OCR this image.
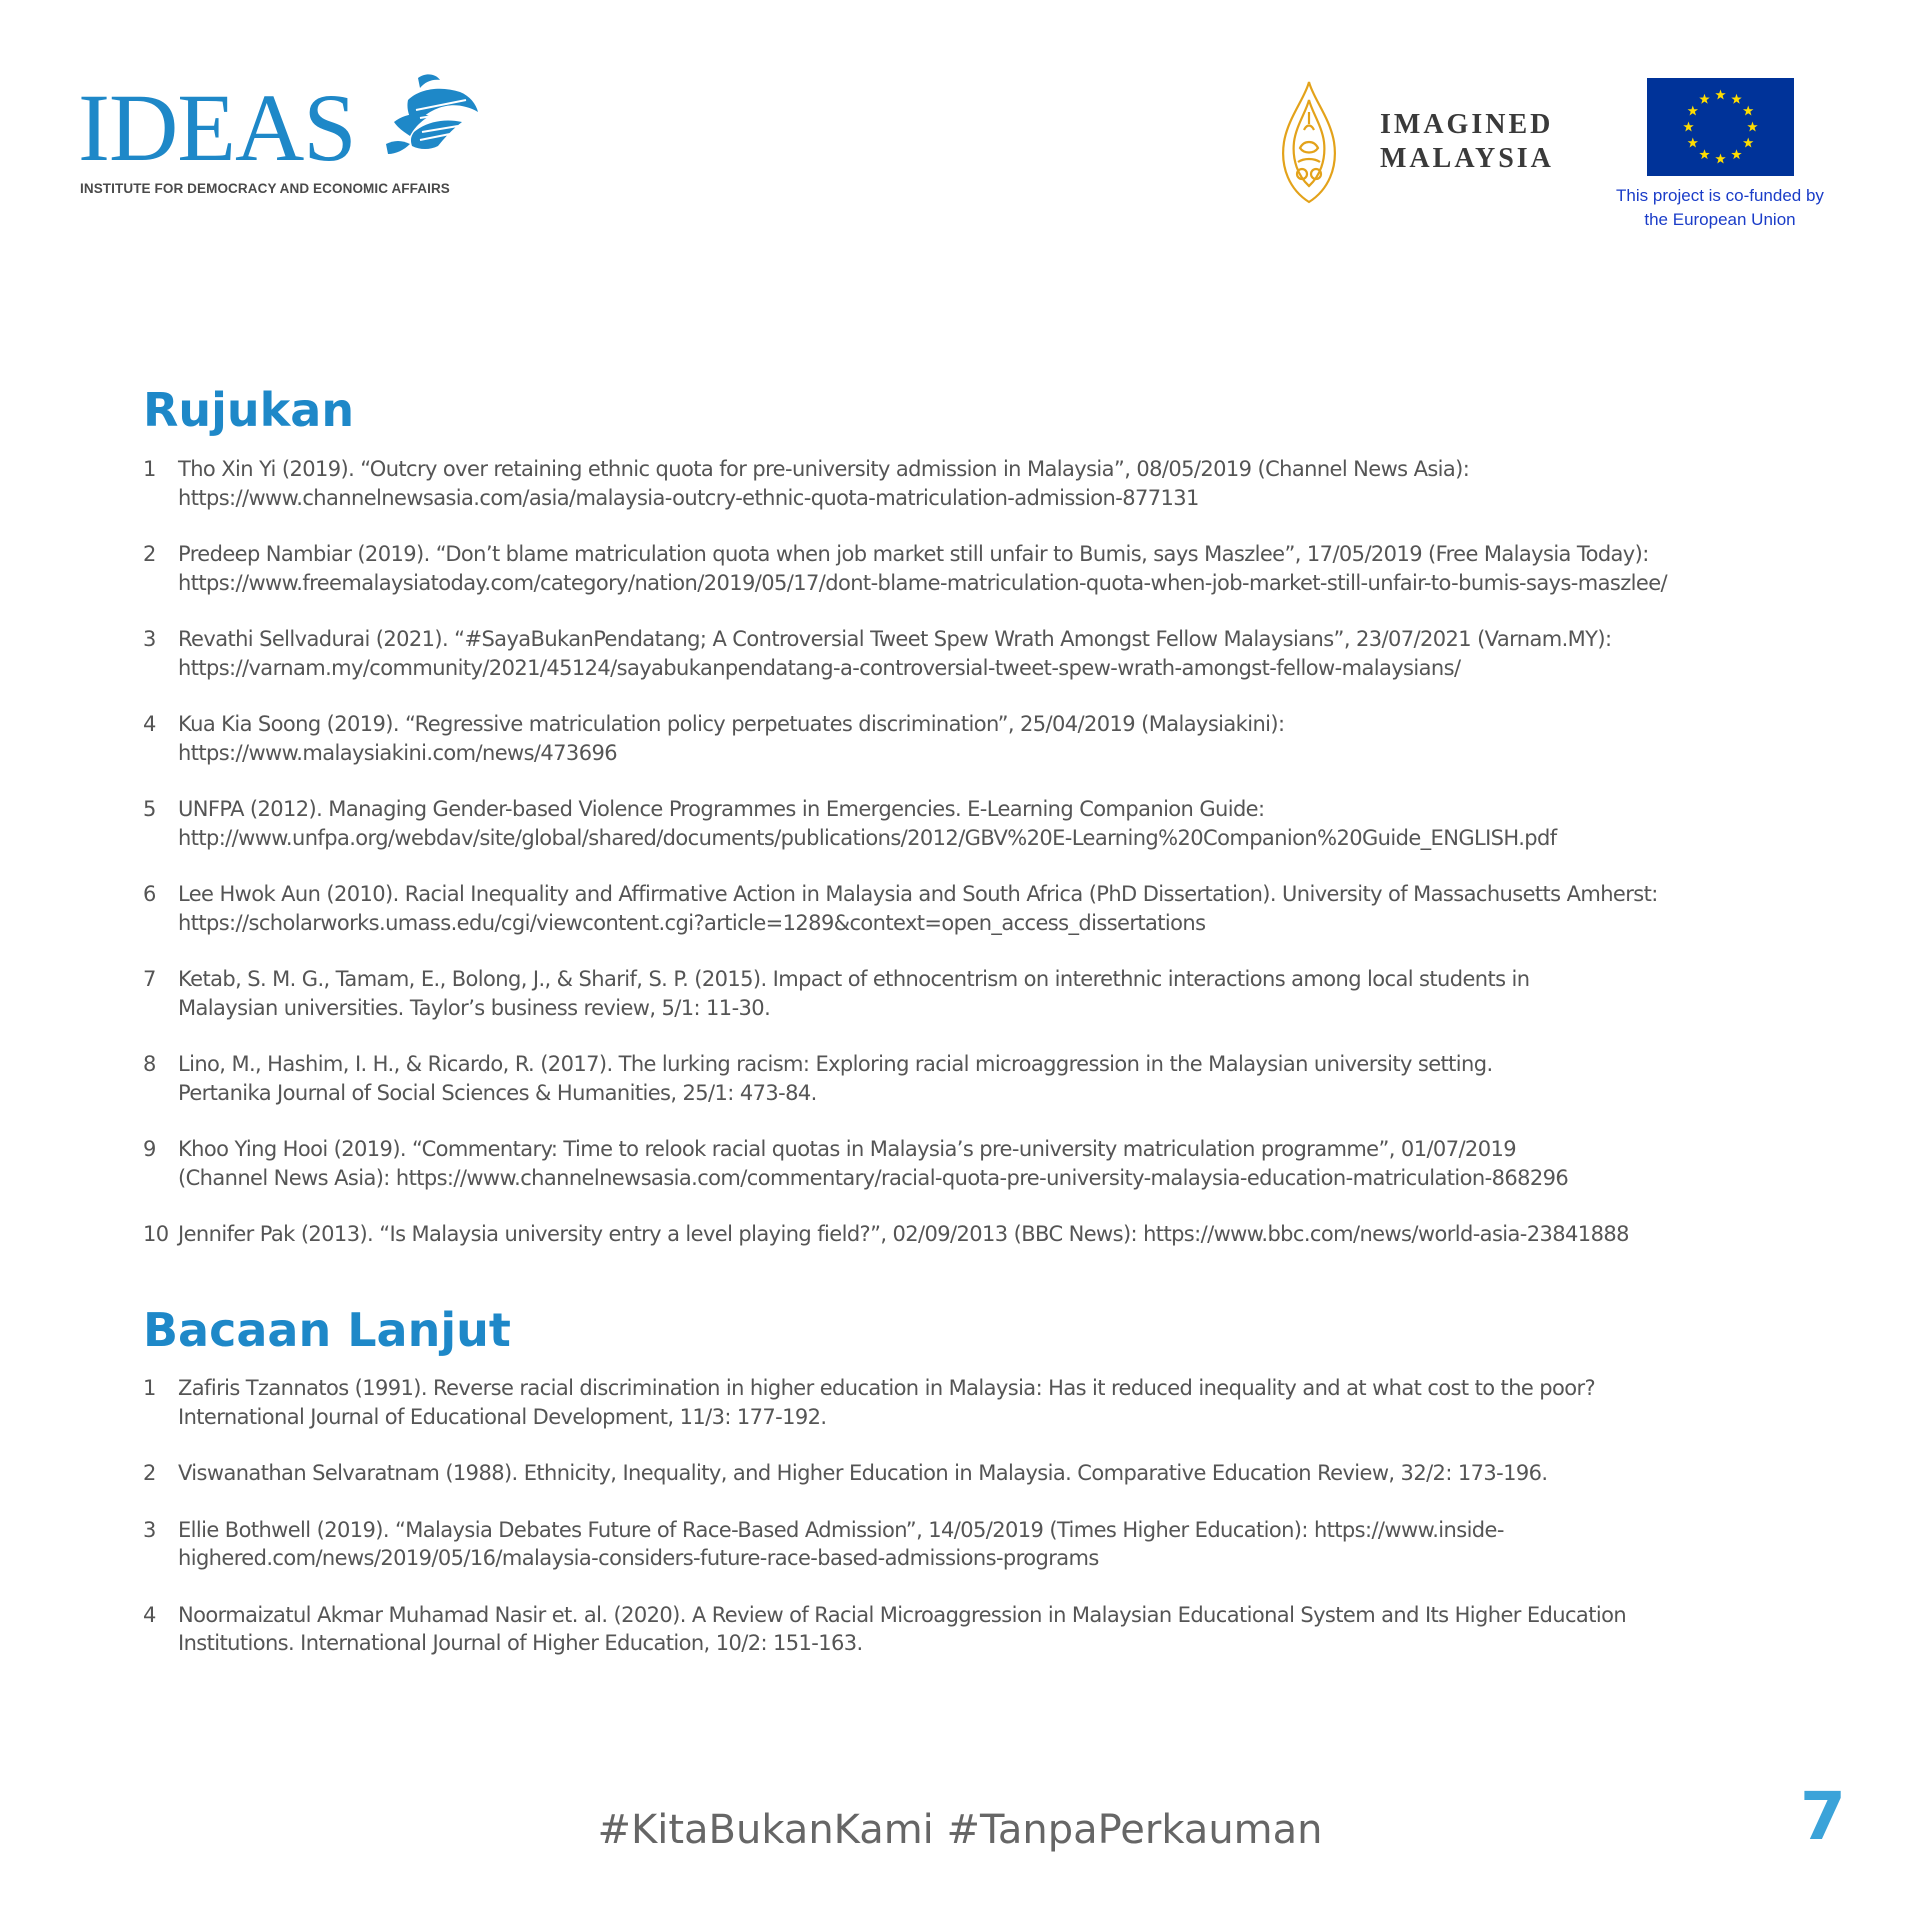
IDEAS
INSTITUTE FOR DEMOCRACY AND ECONOMIC AFFAIRS
IMAGINED
MALAYSIA
This project is co-funded by
the European Union
Rujukan
1	Tho Xin Yi (2019). “Outcry over retaining ethnic quota for pre-university admission in Malaysia”, 08/05/2019 (Channel News Asia):
https://www.channelnewsasia.com/asia/malaysia-outcry-ethnic-quota-matriculation-admission-877131
2	Predeep Nambiar (2019). “Don’t blame matriculation quota when job market still unfair to Bumis, says Maszlee”, 17/05/2019 (Free Malaysia Today):
https://www.freemalaysiatoday.com/category/nation/2019/05/17/dont-blame-matriculation-quota-when-job-market-still-unfair-to-bumis-says-maszlee/
3	Revathi Sellvadurai (2021). “#SayaBukanPendatang; A Controversial Tweet Spew Wrath Amongst Fellow Malaysians”, 23/07/2021 (Varnam.MY):
https://varnam.my/community/2021/45124/sayabukanpendatang-a-controversial-tweet-spew-wrath-amongst-fellow-malaysians/
4	Kua Kia Soong (2019). “Regressive matriculation policy perpetuates discrimination”, 25/04/2019 (Malaysiakini):
https://www.malaysiakini.com/news/473696
5	UNFPA (2012). Managing Gender-based Violence Programmes in Emergencies. E-Learning Companion Guide:
http://www.unfpa.org/webdav/site/global/shared/documents/publications/2012/GBV%20E-Learning%20Companion%20Guide_ENGLISH.pdf
6	Lee Hwok Aun (2010). Racial Inequality and Affirmative Action in Malaysia and South Africa (PhD Dissertation). University of Massachusetts Amherst:
https://scholarworks.umass.edu/cgi/viewcontent.cgi?article=1289&context=open_access_dissertations
7	Ketab, S. M. G., Tamam, E., Bolong, J., & Sharif, S. P. (2015). Impact of ethnocentrism on interethnic interactions among local students in
Malaysian universities. Taylor’s business review, 5/1: 11-30.
8	Lino, M., Hashim, I. H., & Ricardo, R. (2017). The lurking racism: Exploring racial microaggression in the Malaysian university setting.
Pertanika Journal of Social Sciences & Humanities, 25/1: 473-84.
9	Khoo Ying Hooi (2019). “Commentary: Time to relook racial quotas in Malaysia’s pre-university matriculation programme”, 01/07/2019
(Channel News Asia): https://www.channelnewsasia.com/commentary/racial-quota-pre-university-malaysia-education-matriculation-868296
10 Jennifer Pak (2013). “Is Malaysia university entry a level playing field?”, 02/09/2013 (BBC News): https://www.bbc.com/news/world-asia-23841888
Bacaan Lanjut
1	Zafiris Tzannatos (1991). Reverse racial discrimination in higher education in Malaysia: Has it reduced inequality and at what cost to the poor?
International Journal of Educational Development, 11/3: 177-192.
2	Viswanathan Selvaratnam (1988). Ethnicity, Inequality, and Higher Education in Malaysia. Comparative Education Review, 32/2: 173-196.
3	Ellie Bothwell (2019). “Malaysia Debates Future of Race-Based Admission”, 14/05/2019 (Times Higher Education): https://www.inside-
highered.com/news/2019/05/16/malaysia-considers-future-race-based-admissions-programs
4	Noormaizatul Akmar Muhamad Nasir et. al. (2020). A Review of Racial Microaggression in Malaysian Educational System and Its Higher Education
Institutions. International Journal of Higher Education, 10/2: 151-163.
#KitaBukanKami #TanpaPerkauman	7
